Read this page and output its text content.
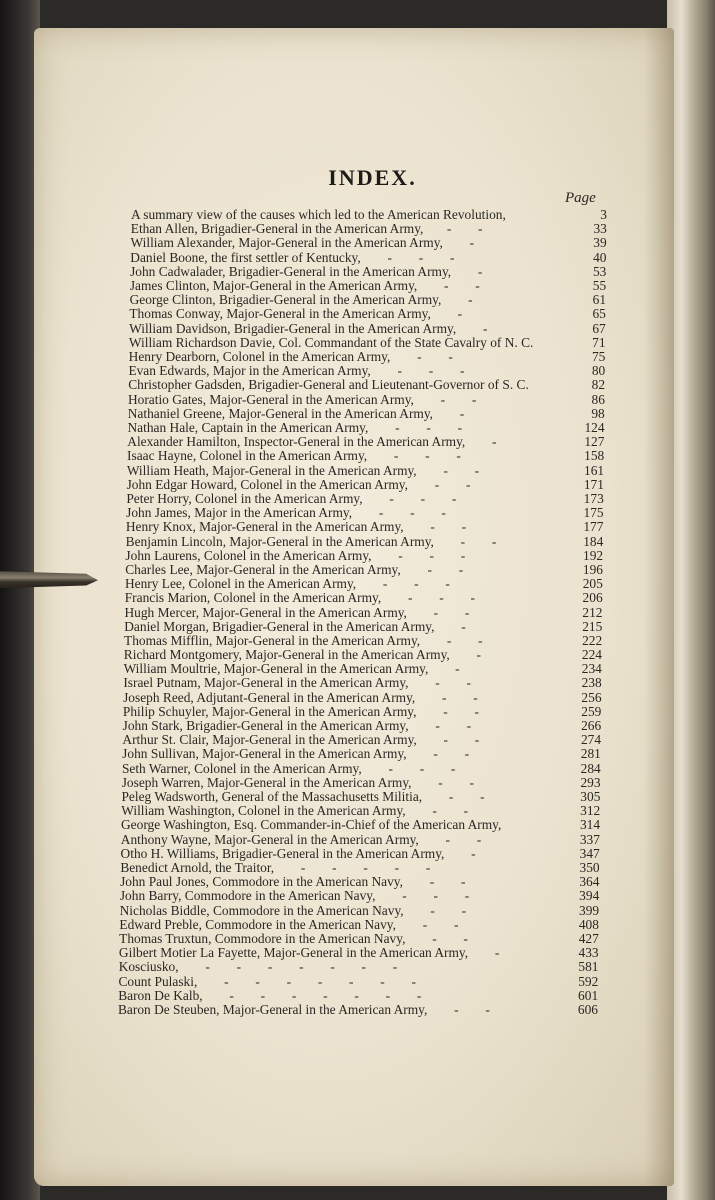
INDEX.
Page
A summary view of the causes which led to the American Revolution,	3
Ethan Allen, Brigadier-General in the American Army,       -        -	33
William Alexander, Major-General in the American Army,        -	39
Daniel Boone, the first settler of Kentucky,        -        -        -	40
John Cadwalader, Brigadier-General in the American Army,        -	53
James Clinton, Major-General in the American Army,        -        -	55
George Clinton, Brigadier-General in the American Army,        -	61
Thomas Conway, Major-General in the American Army,        -	65
William Davidson, Brigadier-General in the American Army,        -	67
William Richardson Davie, Col. Commandant of the State Cavalry of N. C.	71
Henry Dearborn, Colonel in the American Army,        -        -	75
Evan Edwards, Major in the American Army,        -        -        -	80
Christopher Gadsden, Brigadier-General and Lieutenant-Governor of S. C.	82
Horatio Gates, Major-General in the American Army,        -        -	86
Nathaniel Greene, Major-General in the American Army,        -	98
Nathan Hale, Captain in the American Army,        -        -        -	124
Alexander Hamilton, Inspector-General in the American Army,        -	127
Isaac Hayne, Colonel in the American Army,        -        -        -	158
William Heath, Major-General in the American Army,        -        -	161
John Edgar Howard, Colonel in the American Army,        -        -	171
Peter Horry, Colonel in the American Army,        -        -        -	173
John James, Major in the American Army,        -        -        -	175
Henry Knox, Major-General in the American Army,        -        -	177
Benjamin Lincoln, Major-General in the American Army,        -        -	184
John Laurens, Colonel in the American Army,        -        -        -	192
Charles Lee, Major-General in the American Army,        -        -	196
Henry Lee, Colonel in the American Army,        -        -        -	205
Francis Marion, Colonel in the American Army,        -        -        -	206
Hugh Mercer, Major-General in the American Army,        -        -	212
Daniel Morgan, Brigadier-General in the American Army,        -	215
Thomas Mifflin, Major-General in the American Army,        -        -	222
Richard Montgomery, Major-General in the American Army,        -	224
William Moultrie, Major-General in the American Army,        -	234
Israel Putnam, Major-General in the American Army,        -        -	238
Joseph Reed, Adjutant-General in the American Army,        -        -	256
Philip Schuyler, Major-General in the American Army,        -        -	259
John Stark, Brigadier-General in the American Army,        -        -	266
Arthur St. Clair, Major-General in the American Army,        -        -	274
John Sullivan, Major-General in the American Army,        -        -	281
Seth Warner, Colonel in the American Army,        -        -        -	284
Joseph Warren, Major-General in the American Army,        -        -	293
Peleg Wadsworth, General of the Massachusetts Militia,        -        -	305
William Washington, Colonel in the American Army,        -        -	312
George Washington, Esq. Commander-in-Chief of the American Army,	314
Anthony Wayne, Major-General in the American Army,        -        -	337
Otho H. Williams, Brigadier-General in the American Army,        -	347
Benedict Arnold, the Traitor,        -        -        -        -        -	350
John Paul Jones, Commodore in the American Navy,        -        -	364
John Barry, Commodore in the American Navy,        -        -        -	394
Nicholas Biddle, Commodore in the American Navy,        -        -	399
Edward Preble, Commodore in the American Navy,        -        -	408
Thomas Truxtun, Commodore in the American Navy,        -        -	427
Gilbert Motier La Fayette, Major-General in the American Army,        -	433
Kosciusko,        -        -        -        -        -        -        -	581
Count Pulaski,        -        -        -        -        -        -        -	592
Baron De Kalb,        -        -        -        -        -        -        -	601
Baron De Steuben, Major-General in the American Army,        -        -	606
